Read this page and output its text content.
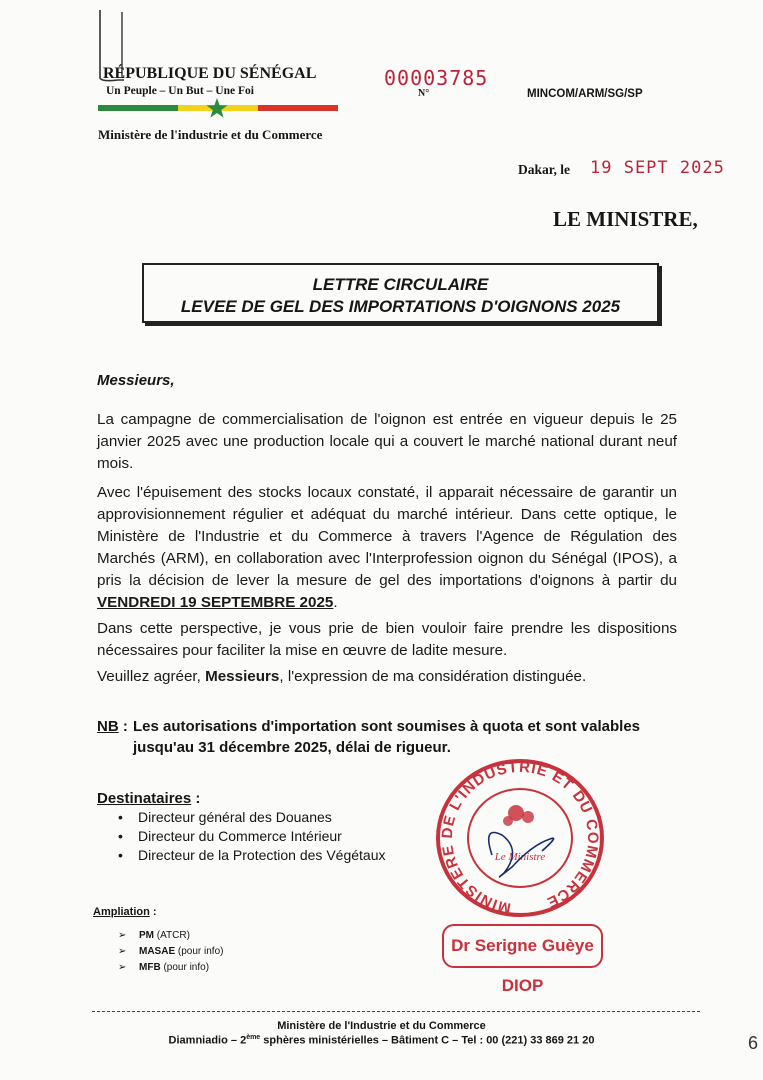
RÉPUBLIQUE DU SÉNÉGAL
Un Peuple – Un But – Une Foi
Ministère de l'industrie et du Commerce
00003785
N°	MINCOM/ARM/SG/SP
Dakar, le 19 SEPT 2025
LE MINISTRE,
LETTRE CIRCULAIRE
LEVEE DE GEL DES IMPORTATIONS D'OIGNONS 2025
Messieurs,

La campagne de commercialisation de l'oignon est entrée en vigueur depuis le 25 janvier 2025 avec une production locale qui a couvert le marché national durant neuf mois.

Avec l'épuisement des stocks locaux constaté, il apparait nécessaire de garantir un approvisionnement régulier et adéquat du marché intérieur. Dans cette optique, le Ministère de l'Industrie et du Commerce à travers l'Agence de Régulation des Marchés (ARM), en collaboration avec l'Interprofession oignon du Sénégal (IPOS), a pris la décision de lever la mesure de gel des importations d'oignons à partir du VENDREDI 19 SEPTEMBRE 2025.

Dans cette perspective, je vous prie de bien vouloir faire prendre les dispositions nécessaires pour faciliter la mise en œuvre de ladite mesure.

Veuillez agréer, Messieurs, l'expression de ma considération distinguée.

NB : Les autorisations d'importation sont soumises à quota et sont valables jusqu'au 31 décembre 2025, délai de rigueur.

Destinataires :
• Directeur général des Douanes
• Directeur du Commerce Intérieur
• Directeur de la Protection des Végétaux
Ampliation :
➢ PM (ATCR)
➢ MASAE (pour info)
➢ MFB (pour info)
MINISTERE DE L'INDUSTRIE ET DU COMMERCE
Le Ministre
Dr Serigne Guèye DIOP
Ministère de l'Industrie et du Commerce
Diamniadio – 2ème sphères ministérielles – Bâtiment C – Tel : 00 (221) 33 869 21 20	6
